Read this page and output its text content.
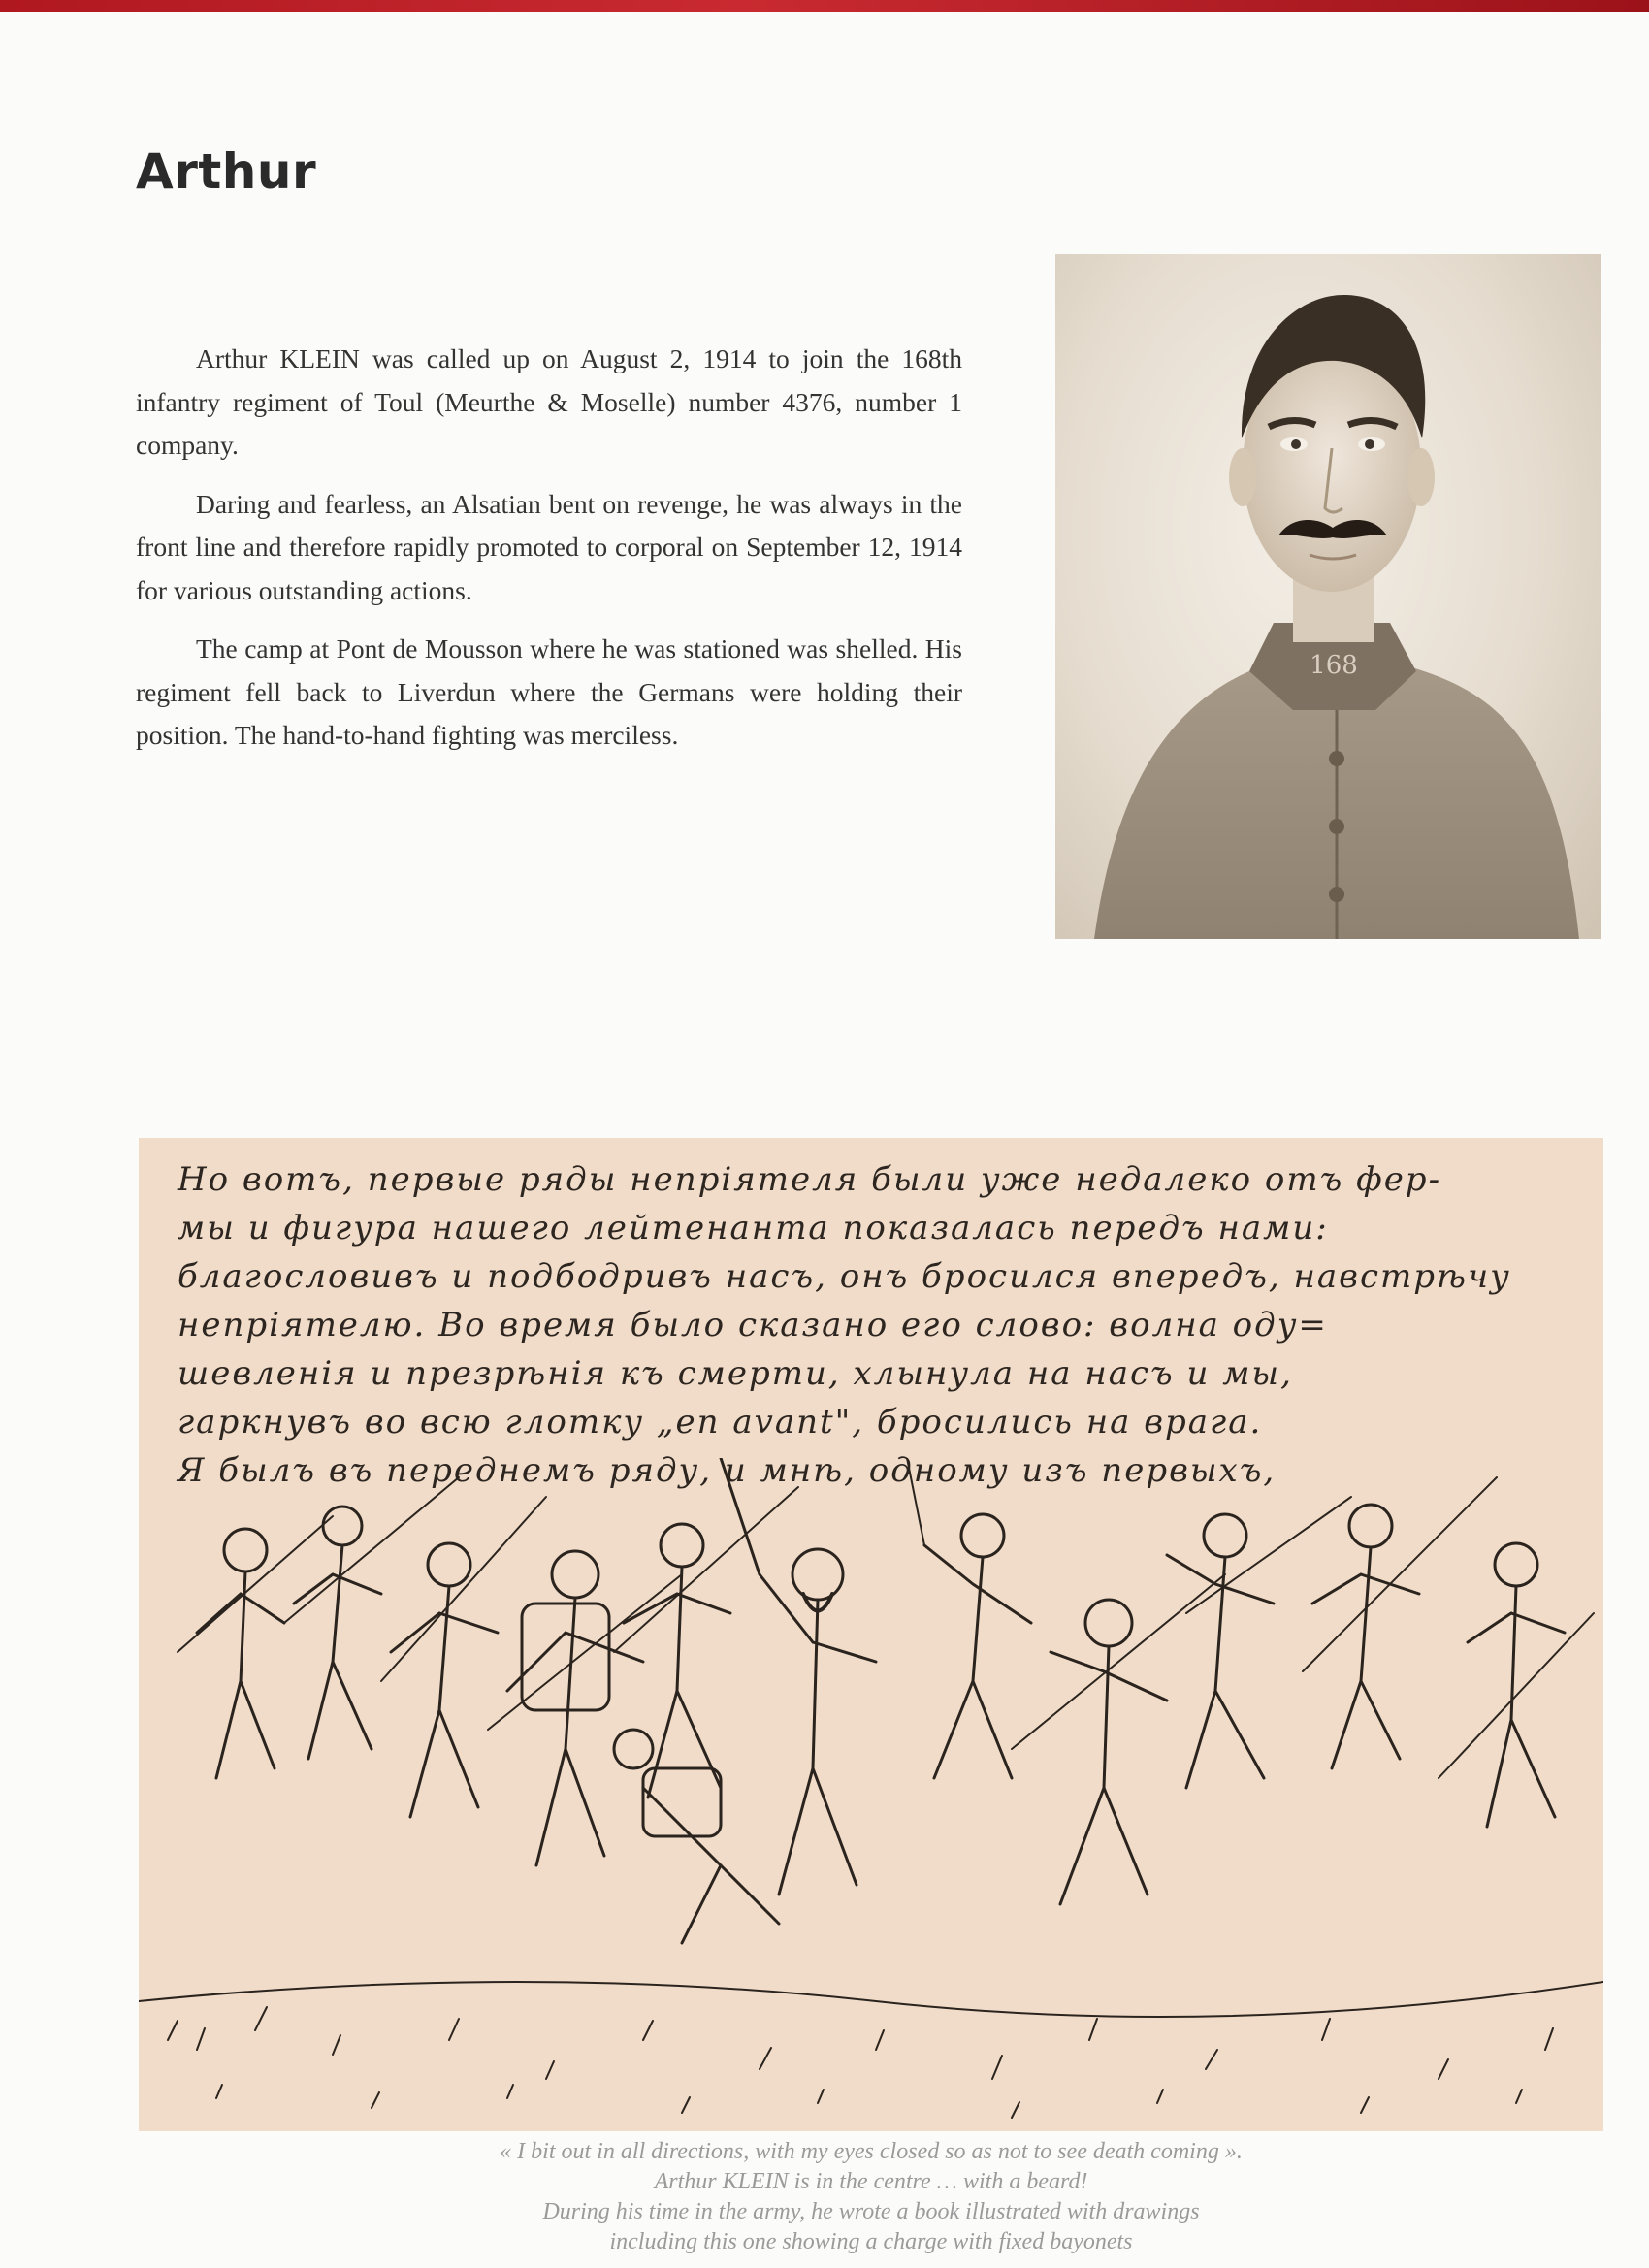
Arthur

Arthur KLEIN was called up on August 2, 1914 to join the 168th infantry regiment of Toul (Meurthe & Moselle) number 4376, number 1 company.

Daring and fearless, an Alsatian bent on revenge, he was always in the front line and therefore rapidly promoted to corporal on September 12, 1914 for various outstanding actions.

The camp at Pont de Mousson where he was stationed was shelled. His regiment fell back to Liverdun where the Germans were holding their position. The hand-to-hand fighting was merciless.

168
Но вотъ, первые ряды непріятеля были уже недалеко отъ фер-
мы и фигура нашего лейтенанта показалась передъ нами:
благословивъ и подбодривъ насъ, онъ бросился впередъ, навстрѣчу
непріятелю. Во время было сказано его слово: волна оду=
шевленія и презрѣнія къ смерти, хлынула на насъ и мы,
гаркнувъ во всю глотку „en avant", бросились на врага.
Я былъ въ переднемъ ряду, и мнѣ, одному изъ первыхъ,
« I bit out in all directions, with my eyes closed so as not to see death coming ».
Arthur KLEIN is in the centre … with a beard!
During his time in the army, he wrote a book illustrated with drawings
including this one showing a charge with fixed bayonets
